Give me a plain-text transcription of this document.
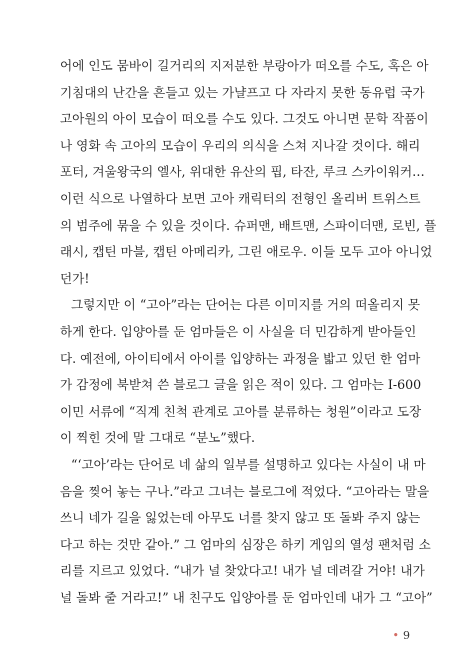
어에 인도 뭄바이 길거리의 지저분한 부랑아가 떠오를 수도, 혹은 아
기침대의 난간을 흔들고 있는 가냘프고 다 자라지 못한 동유럽 국가
고아원의 아이 모습이 떠오를 수도 있다. 그것도 아니면 문학 작품이
나 영화 속 고아의 모습이 우리의 의식을 스쳐 지나갈 것이다. 해리
포터, 겨울왕국의 엘사, 위대한 유산의 핍, 타잔, 루크 스카이워커…
이런 식으로 나열하다 보면 고아 캐릭터의 전형인 올리버 트위스트
의 범주에 묶을 수 있을 것이다. 슈퍼맨, 배트맨, 스파이더맨, 로빈, 플
래시, 캡틴 마블, 캡틴 아메리카, 그린 애로우. 이들 모두 고아 아니었
던가!
그렇지만 이 “고아”라는 단어는 다른 이미지를 거의 떠올리지 못
하게 한다. 입양아를 둔 엄마들은 이 사실을 더 민감하게 받아들인
다. 예전에, 아이티에서 아이를 입양하는 과정을 밟고 있던 한 엄마
가 감정에 북받쳐 쓴 블로그 글을 읽은 적이 있다. 그 엄마는 I-600
이민 서류에 “직계 친척 관계로 고아를 분류하는 청원”이라고 도장
이 찍힌 것에 말 그대로 “분노”했다.
“‘고아’라는 단어로 네 삶의 일부를 설명하고 있다는 사실이 내 마
음을 찢어 놓는 구나.”라고 그녀는 블로그에 적었다. “고아라는 말을
쓰니 네가 길을 잃었는데 아무도 너를 찾지 않고 또 돌봐 주지 않는
다고 하는 것만 같아.” 그 엄마의 심장은 하키 게임의 열성 팬처럼 소
리를 지르고 있었다. “내가 널 찾았다고! 내가 널 데려갈 거야! 내가
널 돌봐 줄 거라고!” 내 친구도 입양아를 둔 엄마인데 내가 그 “고아”
• 9
